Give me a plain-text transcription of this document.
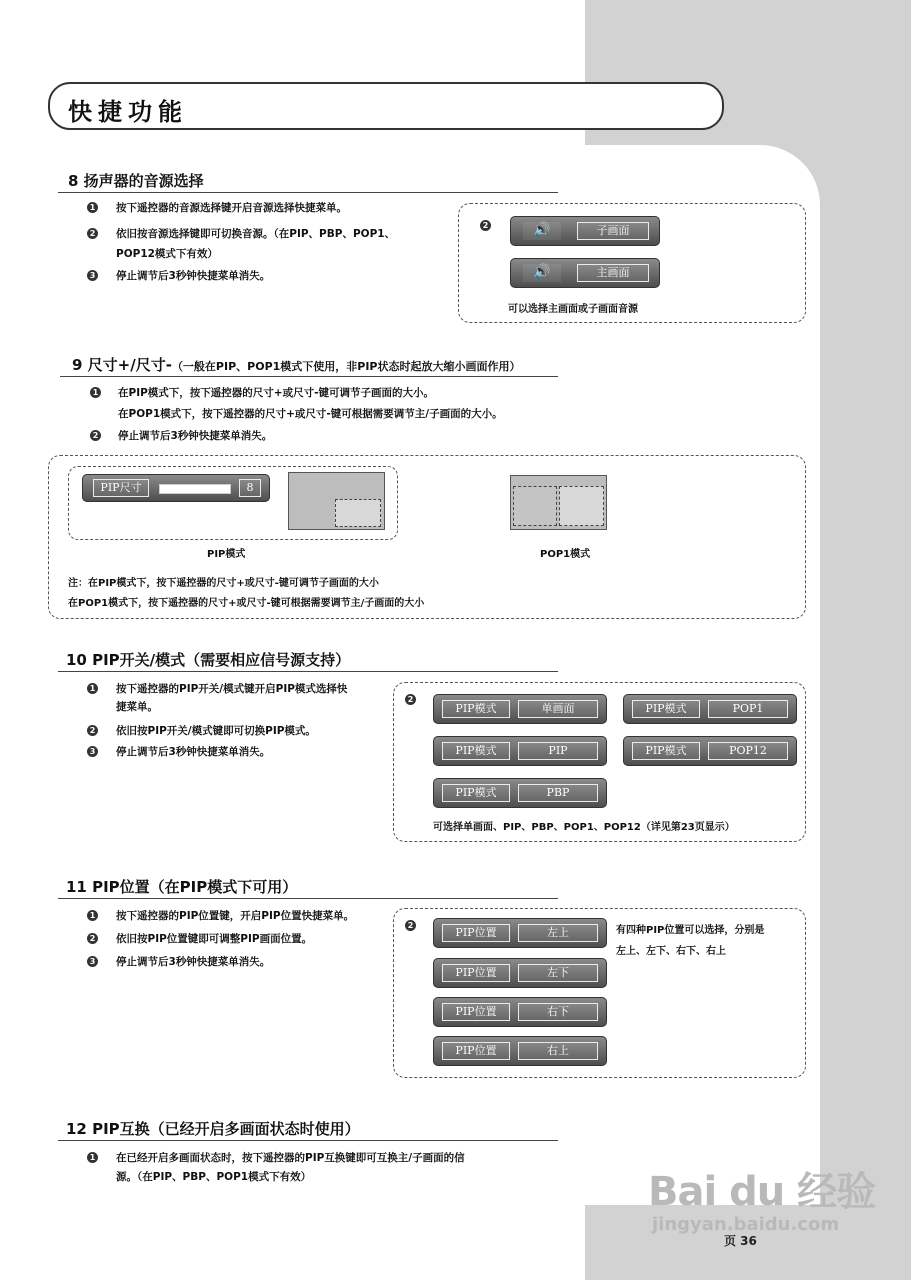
快捷功能
8 扬声器的音源选择
1 按下遥控器的音源选择键开启音源选择快捷菜单。
2 依旧按音源选择键即可切换音源。（在PIP、PBP、POP1、
POP12模式下有效）
3 停止调节后3秒钟快捷菜单消失。
2	🔊	子画面
🔊	主画面
可以选择主画面或子画面音源
9 尺寸+/尺寸-（一般在PIP、POP1模式下使用，非PIP状态时起放大缩小画面作用）
1 在PIP模式下，按下遥控器的尺寸+或尺寸-键可调节子画面的大小。
在POP1模式下，按下遥控器的尺寸+或尺寸-键可根据需要调节主/子画面的大小。
2 停止调节后3秒钟快捷菜单消失。
PIP尺寸	8
PIP模式	POP1模式
注：在PIP模式下，按下遥控器的尺寸+或尺寸-键可调节子画面的大小
在POP1模式下，按下遥控器的尺寸+或尺寸-键可根据需要调节主/子画面的大小
10 PIP开关/模式（需要相应信号源支持）
1 按下遥控器的PIP开关/模式键开启PIP模式选择快
捷菜单。
2 依旧按PIP开关/模式键即可切换PIP模式。
3 停止调节后3秒钟快捷菜单消失。
2
PIP模式	单画面	PIP模式	POP1
PIP模式	PIP	PIP模式	POP12
PIP模式	PBP
可选择单画面、PIP、PBP、POP1、POP12（详见第23页显示）
11 PIP位置（在PIP模式下可用）
1 按下遥控器的PIP位置键，开启PIP位置快捷菜单。
2 依旧按PIP位置键即可调整PIP画面位置。
3 停止调节后3秒钟快捷菜单消失。
2
PIP位置	左上
PIP位置	左下
PIP位置	右下
PIP位置	右上
有四种PIP位置可以选择，分别是
左上、左下、右下、右上
12 PIP互换（已经开启多画面状态时使用）
1 在已经开启多画面状态时，按下遥控器的PIP互换键即可互换主/子画面的信
源。（在PIP、PBP、POP1模式下有效）	Bai du 经验
jingyan.baidu.com
页 36
